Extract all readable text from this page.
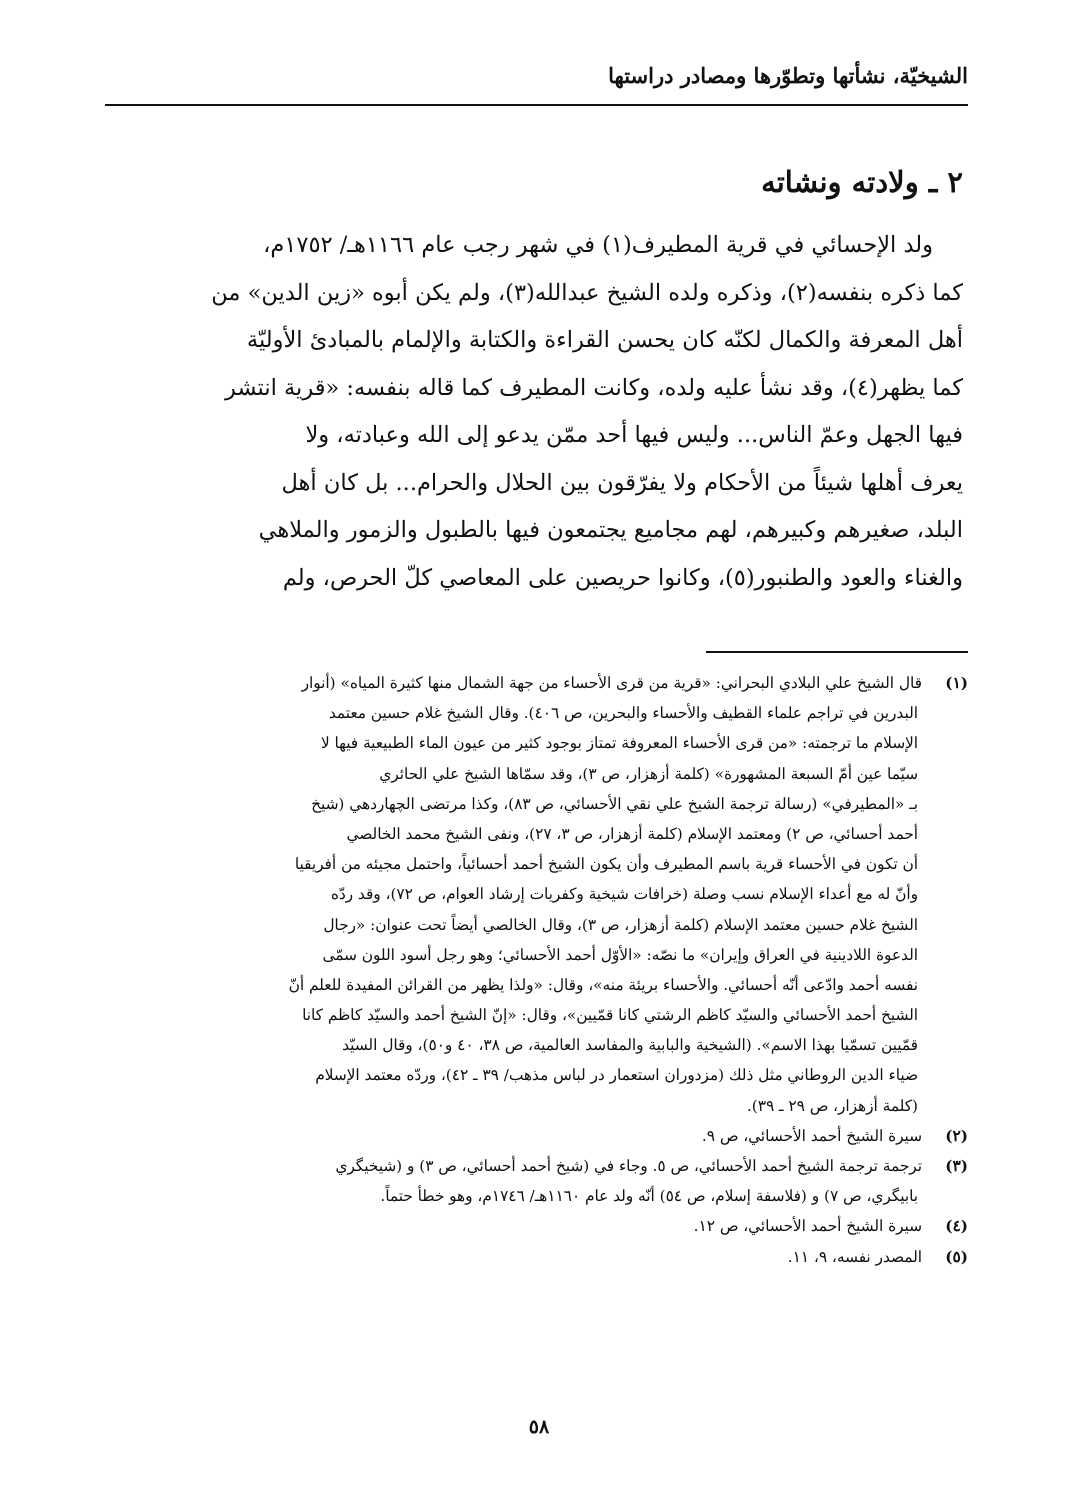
الشيخيّة، نشأتها وتطوّرها ومصادر دراستها
٢ ـ ولادته ونشاته
ولد الإحسائي في قرية المطيرف(١) في شهر رجب عام ١١٦٦هـ/ ١٧٥٢م،
كما ذكره بنفسه(٢)، وذكره ولده الشيخ عبدالله(٣)، ولم يكن أبوه «زين الدين» من
أهل المعرفة والكمال لكنّه كان يحسن القراءة والكتابة والإلمام بالمبادئ الأوليّة
كما يظهر(٤)، وقد نشأ عليه ولده، وكانت المطيرف كما قاله بنفسه: «قرية انتشر
فيها الجهل وعمّ الناس... وليس فيها أحد ممّن يدعو إلى الله وعبادته، ولا
يعرف أهلها شيئاً من الأحكام ولا يفرّقون بين الحلال والحرام... بل كان أهل
البلد، صغيرهم وكبيرهم، لهم مجاميع يجتمعون فيها بالطبول والزمور والملاهي
والغناء والعود والطنبور(٥)، وكانوا حريصين على المعاصي كلّ الحرص، ولم
(١)قال الشيخ علي البلادي البحراني: «قرية من قرى الأحساء من جهة الشمال منها كثيرة المياه» (أنوار
البدرين في تراجم علماء القطيف والأحساء والبحرين، ص ٤٠٦). وقال الشيخ غلام حسين معتمد
الإسلام ما ترجمته: «من قرى الأحساء المعروفة تمتاز بوجود كثير من عيون الماء الطبيعية فيها لا
سيّما عين أمّ السبعة المشهورة» (كلمة أزهزار، ص ٣)، وقد سمّاها الشيخ علي الحائري
بـ «المطيرفي» (رسالة ترجمة الشيخ علي نقي الأحسائي، ص ٨٣)، وكذا مرتضى الچهاردهي (شيخ
أحمد أحسائي، ص ٢) ومعتمد الإسلام (كلمة أزهزار، ص ٣، ٢٧)، ونفى الشيخ محمد الخالصي
أن تكون في الأحساء قرية باسم المطيرف وأن يكون الشيخ أحمد أحسائياً، واحتمل مجيئه من أفريقيا
وأنّ له مع أعداء الإسلام نسب وصلة (خرافات شيخية وكفريات إرشاد العوام، ص ٧٢)، وقد ردّه
الشيخ غلام حسين معتمد الإسلام (كلمة أزهزار، ص ٣)، وقال الخالصي أيضاً تحت عنوان: «رجال
الدعوة اللادينية في العراق وإيران» ما نصّه: «الأوّل أحمد الأحسائي؛ وهو رجل أسود اللون سمّى
نفسه أحمد وادّعى أنّه أحسائي. والأحساء بريئة منه»، وقال: «ولذا يظهر من القرائن المفيدة للعلم أنّ
الشيخ أحمد الأحسائي والسيّد كاظم الرشتي كانا قمّيين»، وقال: «إنّ الشيخ أحمد والسيّد كاظم كانا
قمّيين تسمّيا بهذا الاسم». (الشيخية والبابية والمفاسد العالمية، ص ٣٨، ٤٠ و٥٠)، وقال السيّد
ضياء الدين الروطاني مثل ذلك (مزدوران استعمار در لباس مذهب/ ٣٩ ـ ٤٢)، وردّه معتمد الإسلام
(كلمة أزهزار، ص ٢٩ ـ ٣٩).
(٢)سيرة الشيخ أحمد الأحسائي، ص ٩.
(٣)ترجمة ترجمة الشيخ أحمد الأحسائي، ص ٥. وجاء في (شيخ أحمد أحسائي، ص ٣) و (شيخيگري
بابيگري، ص ٧) و (فلاسفة إسلام، ص ٥٤) أنّه ولد عام ١١٦٠هـ/ ١٧٤٦م، وهو خطأ حتماً.
(٤)سيرة الشيخ أحمد الأحسائي، ص ١٢.
(٥)المصدر نفسه، ٩، ١١.
٥٨
